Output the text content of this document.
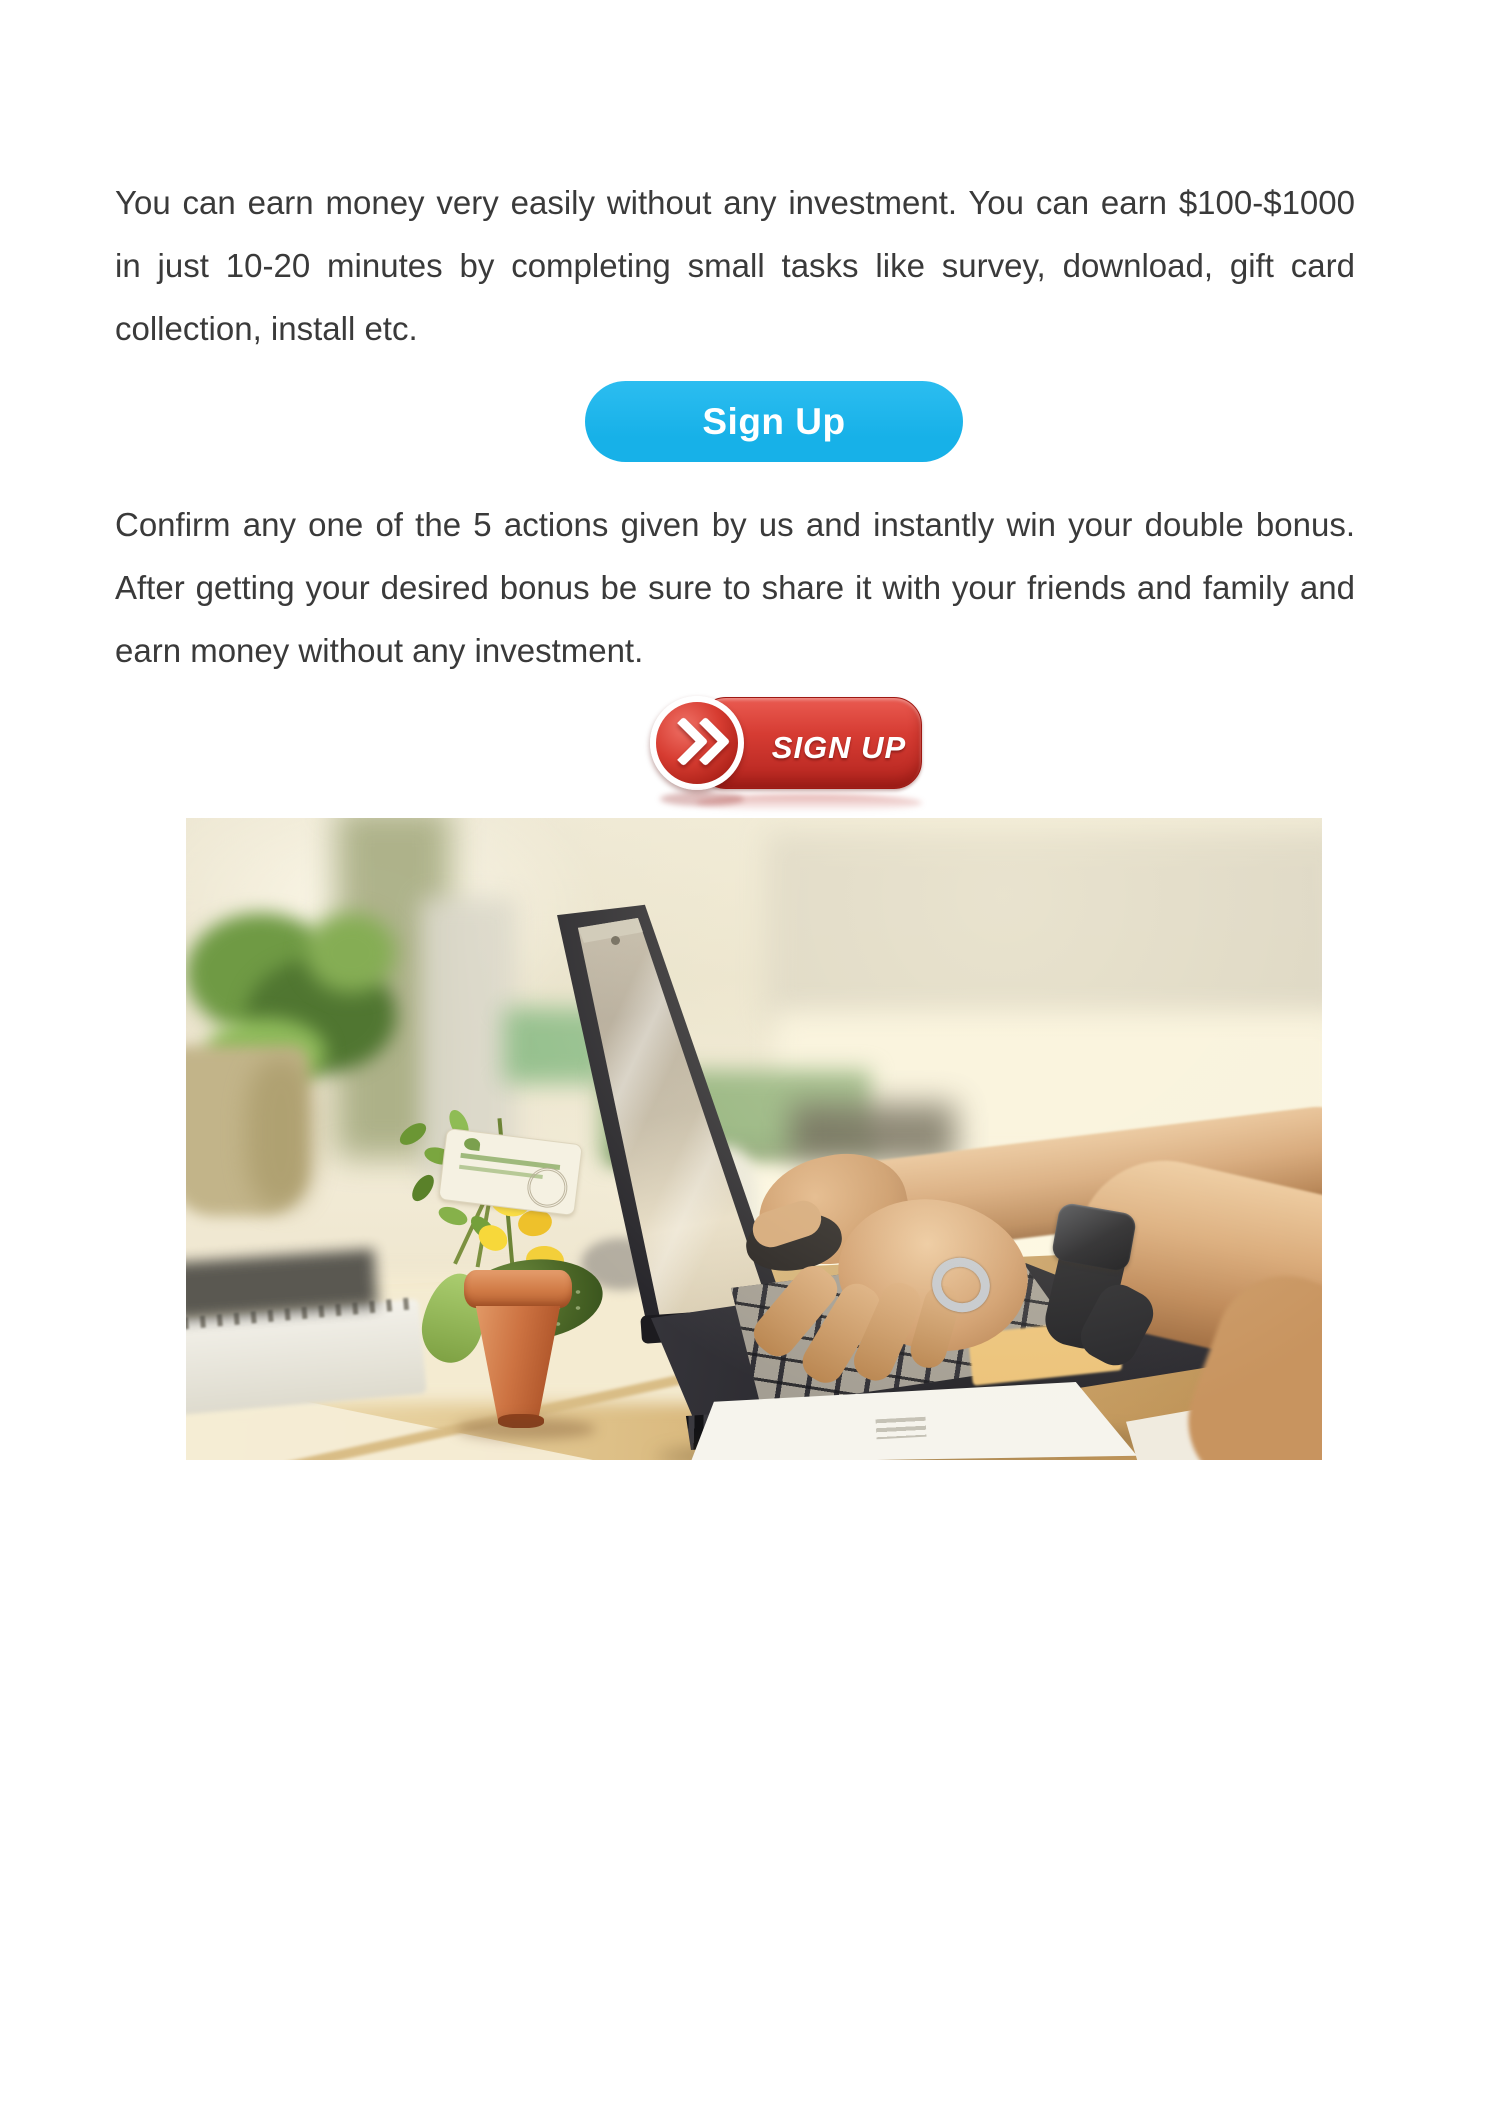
You can earn money very easily without any investment. You can earn $100-$1000 in just 10-20 minutes by completing small tasks like survey, download, gift card collection, install etc.

Sign Up

Confirm any one of the 5 actions given by us and instantly win your double bonus. After getting your desired bonus be sure to share it with your friends and family and earn money without any investment.

SIGN UP
